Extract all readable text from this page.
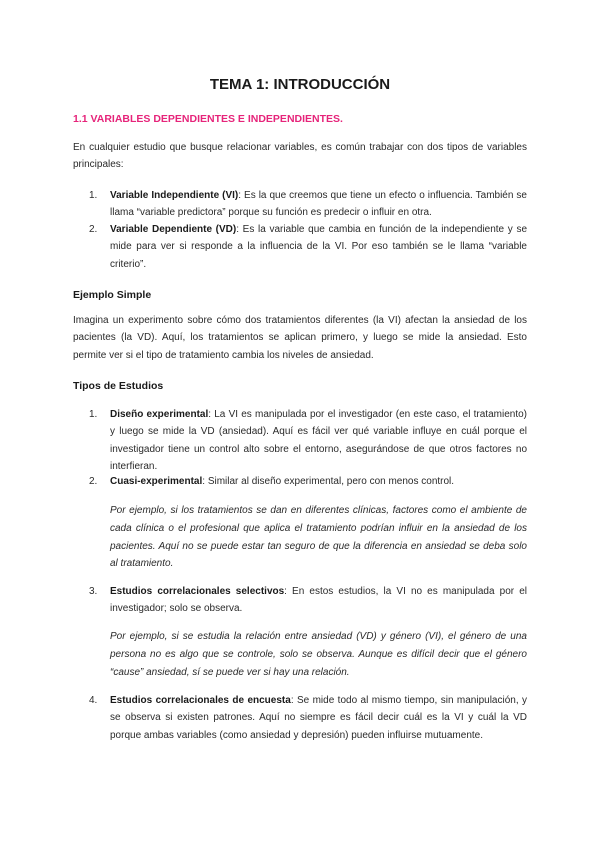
TEMA 1: INTRODUCCIÓN
1.1 VARIABLES DEPENDIENTES E INDEPENDIENTES.

En cualquier estudio que busque relacionar variables, es común trabajar con dos tipos de variables principales:

1. Variable Independiente (VI): Es la que creemos que tiene un efecto o influencia. También se llama “variable predictora” porque su función es predecir o influir en otra.
2. Variable Dependiente (VD): Es la variable que cambia en función de la independiente y se mide para ver si responde a la influencia de la VI. Por eso también se le llama “variable criterio”.
Ejemplo Simple

Imagina un experimento sobre cómo dos tratamientos diferentes (la VI) afectan la ansiedad de los pacientes (la VD). Aquí, los tratamientos se aplican primero, y luego se mide la ansiedad. Esto permite ver si el tipo de tratamiento cambia los niveles de ansiedad.

Tipos de Estudios
1. Diseño experimental: La VI es manipulada por el investigador (en este caso, el tratamiento) y luego se mide la VD (ansiedad). Aquí es fácil ver qué variable influye en cuál porque el investigador tiene un control alto sobre el entorno, asegurándose de que otros factores no interfieran.
2. Cuasi-experimental: Similar al diseño experimental, pero con menos control.

Por ejemplo, si los tratamientos se dan en diferentes clínicas, factores como el ambiente de cada clínica o el profesional que aplica el tratamiento podrían influir en la ansiedad de los pacientes. Aquí no se puede estar tan seguro de que la diferencia en ansiedad se deba solo al tratamiento.

3. Estudios correlacionales selectivos: En estos estudios, la VI no es manipulada por el investigador; solo se observa.

Por ejemplo, si se estudia la relación entre ansiedad (VD) y género (VI), el género de una persona no es algo que se controle, solo se observa. Aunque es difícil decir que el género “cause” ansiedad, sí se puede ver si hay una relación.

4. Estudios correlacionales de encuesta: Se mide todo al mismo tiempo, sin manipulación, y se observa si existen patrones. Aquí no siempre es fácil decir cuál es la VI y cuál la VD porque ambas variables (como ansiedad y depresión) pueden influirse mutuamente.
